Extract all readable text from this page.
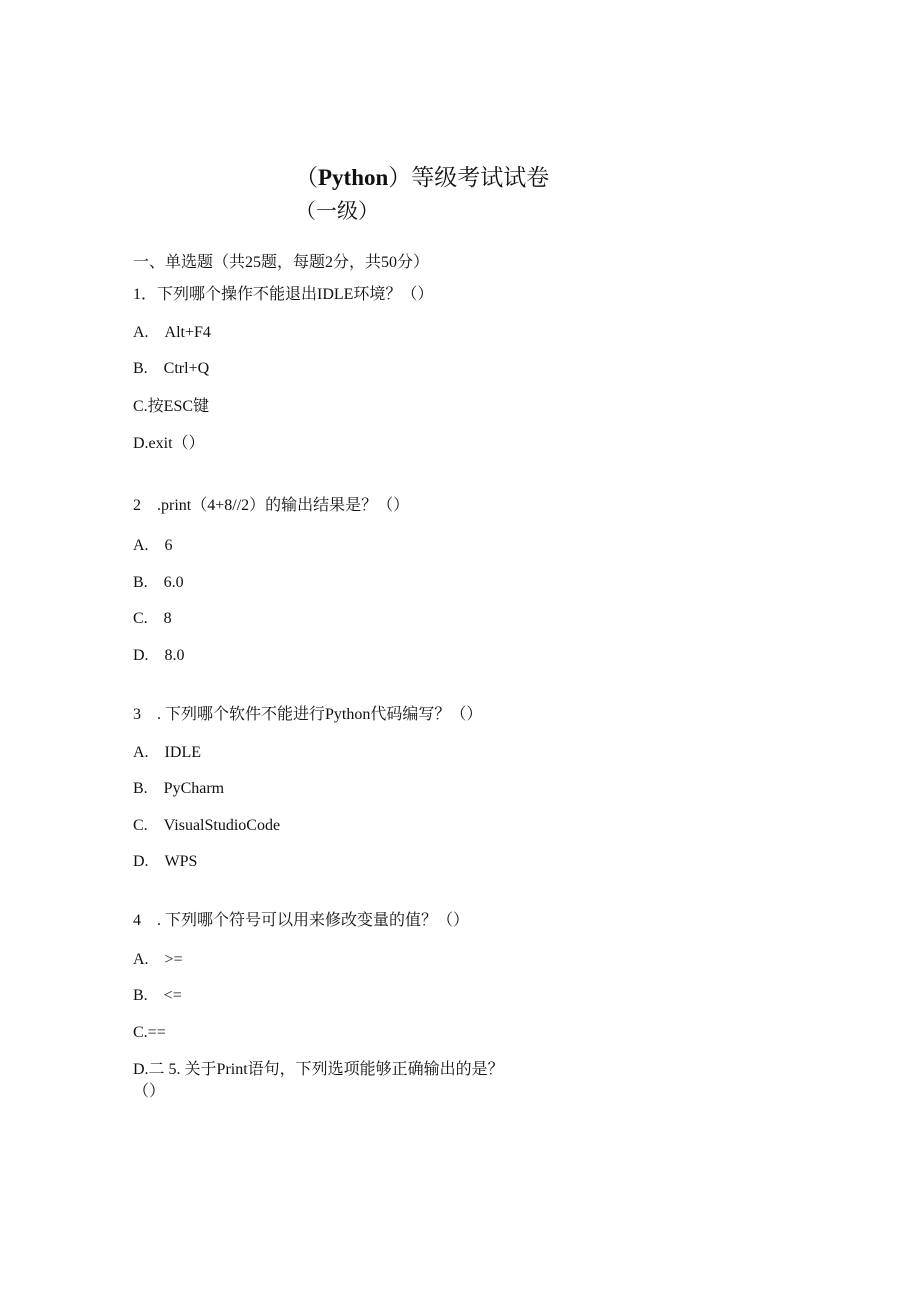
（Python）等级考试试卷
（一级）
一、单选题（共25题，每题2分，共50分）
1．下列哪个操作不能退出IDLE环境？（）
A.　Alt+F4
B.　Ctrl+Q
C.按ESC键
D.exit（）
2　.print（4+8//2）的输出结果是？（）
A.　6
B.　6.0
C.　8
D.　8.0
3　. 下列哪个软件不能进行Python代码编写？（）
A.　IDLE
B.　PyCharm
C.　VisualStudioCode
D.　WPS
4　. 下列哪个符号可以用来修改变量的值？（）
A.　>=
B.　<=
C.==
D.二 5. 关于Print语句，下列选项能够正确输出的是？
（）
